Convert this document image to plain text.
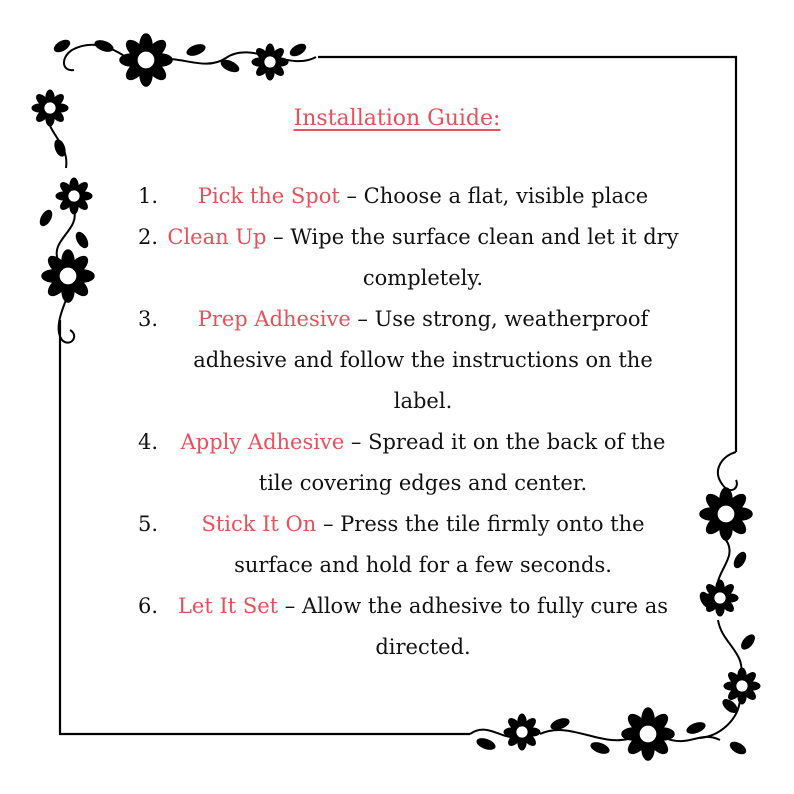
Installation Guide:
1.	Pick the Spot – Choose a flat, visible place
2. Clean Up – Wipe the surface clean and let it dry completely.
3.	Prep Adhesive – Use strong, weatherproof adhesive and follow the instructions on the label.
4.	Apply Adhesive – Spread it on the back of the tile covering edges and center.
5.	Stick It On – Press the tile firmly onto the surface and hold for a few seconds.
6. Let It Set – Allow the adhesive to fully cure as directed.
